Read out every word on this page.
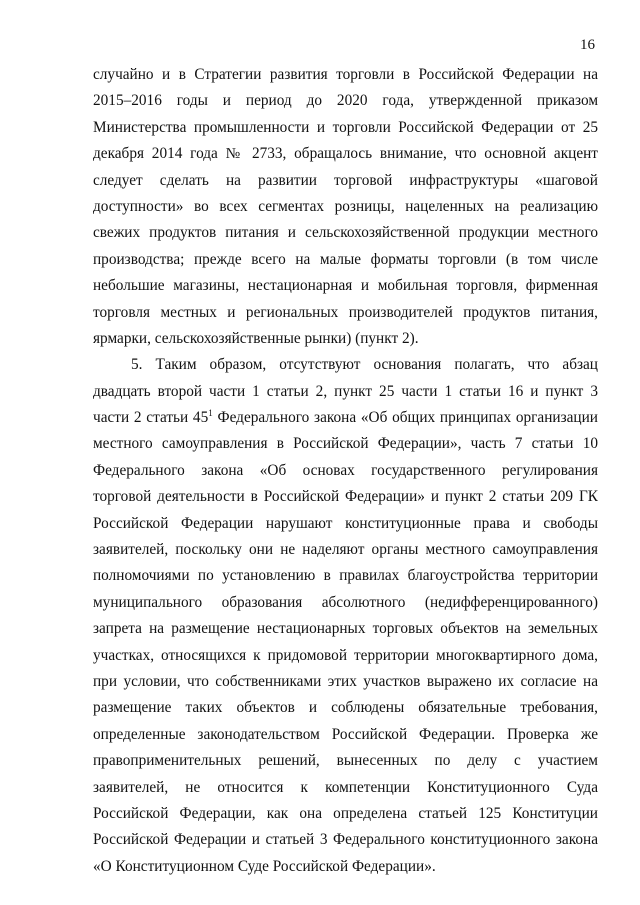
16
случайно и в Стратегии развития торговли в Российской Федерации на
2015–2016 годы и период до 2020 года, утвержденной приказом
Министерства промышленности и торговли Российской Федерации от 25
декабря 2014 года № 2733, обращалось внимание, что основной акцент
следует сделать на развитии торговой инфраструктуры «шаговой
доступности» во всех сегментах розницы, нацеленных на реализацию
свежих продуктов питания и сельскохозяйственной продукции местного
производства; прежде всего на малые форматы торговли (в том числе
небольшие магазины, нестационарная и мобильная торговля, фирменная
торговля местных и региональных производителей продуктов питания,
ярмарки, сельскохозяйственные рынки) (пункт 2).
5. Таким образом, отсутствуют основания полагать, что абзац
двадцать второй части 1 статьи 2, пункт 25 части 1 статьи 16 и пункт 3
части 2 статьи $45^1$ Федерального закона «Об общих принципах организации
местного самоуправления в Российской Федерации», часть 7 статьи 10
Федерального закона «Об основах государственного регулирования
торговой деятельности в Российской Федерации» и пункт 2 статьи 209 ГК
Российской Федерации нарушают конституционные права и свободы
заявителей, поскольку они не наделяют органы местного самоуправления
полномочиями по установлению в правилах благоустройства территории
муниципального образования абсолютного (недифференцированного)
запрета на размещение нестационарных торговых объектов на земельных
участках, относящихся к придомовой территории многоквартирного дома,
при условии, что собственниками этих участков выражено их согласие на
размещение таких объектов и соблюдены обязательные требования,
определенные законодательством Российской Федерации. Проверка же
правоприменительных решений, вынесенных по делу с участием
заявителей, не относится к компетенции Конституционного Суда
Российской Федерации, как она определена статьей 125 Конституции
Российской Федерации и статьей 3 Федерального конституционного закона
«О Конституционном Суде Российской Федерации».
